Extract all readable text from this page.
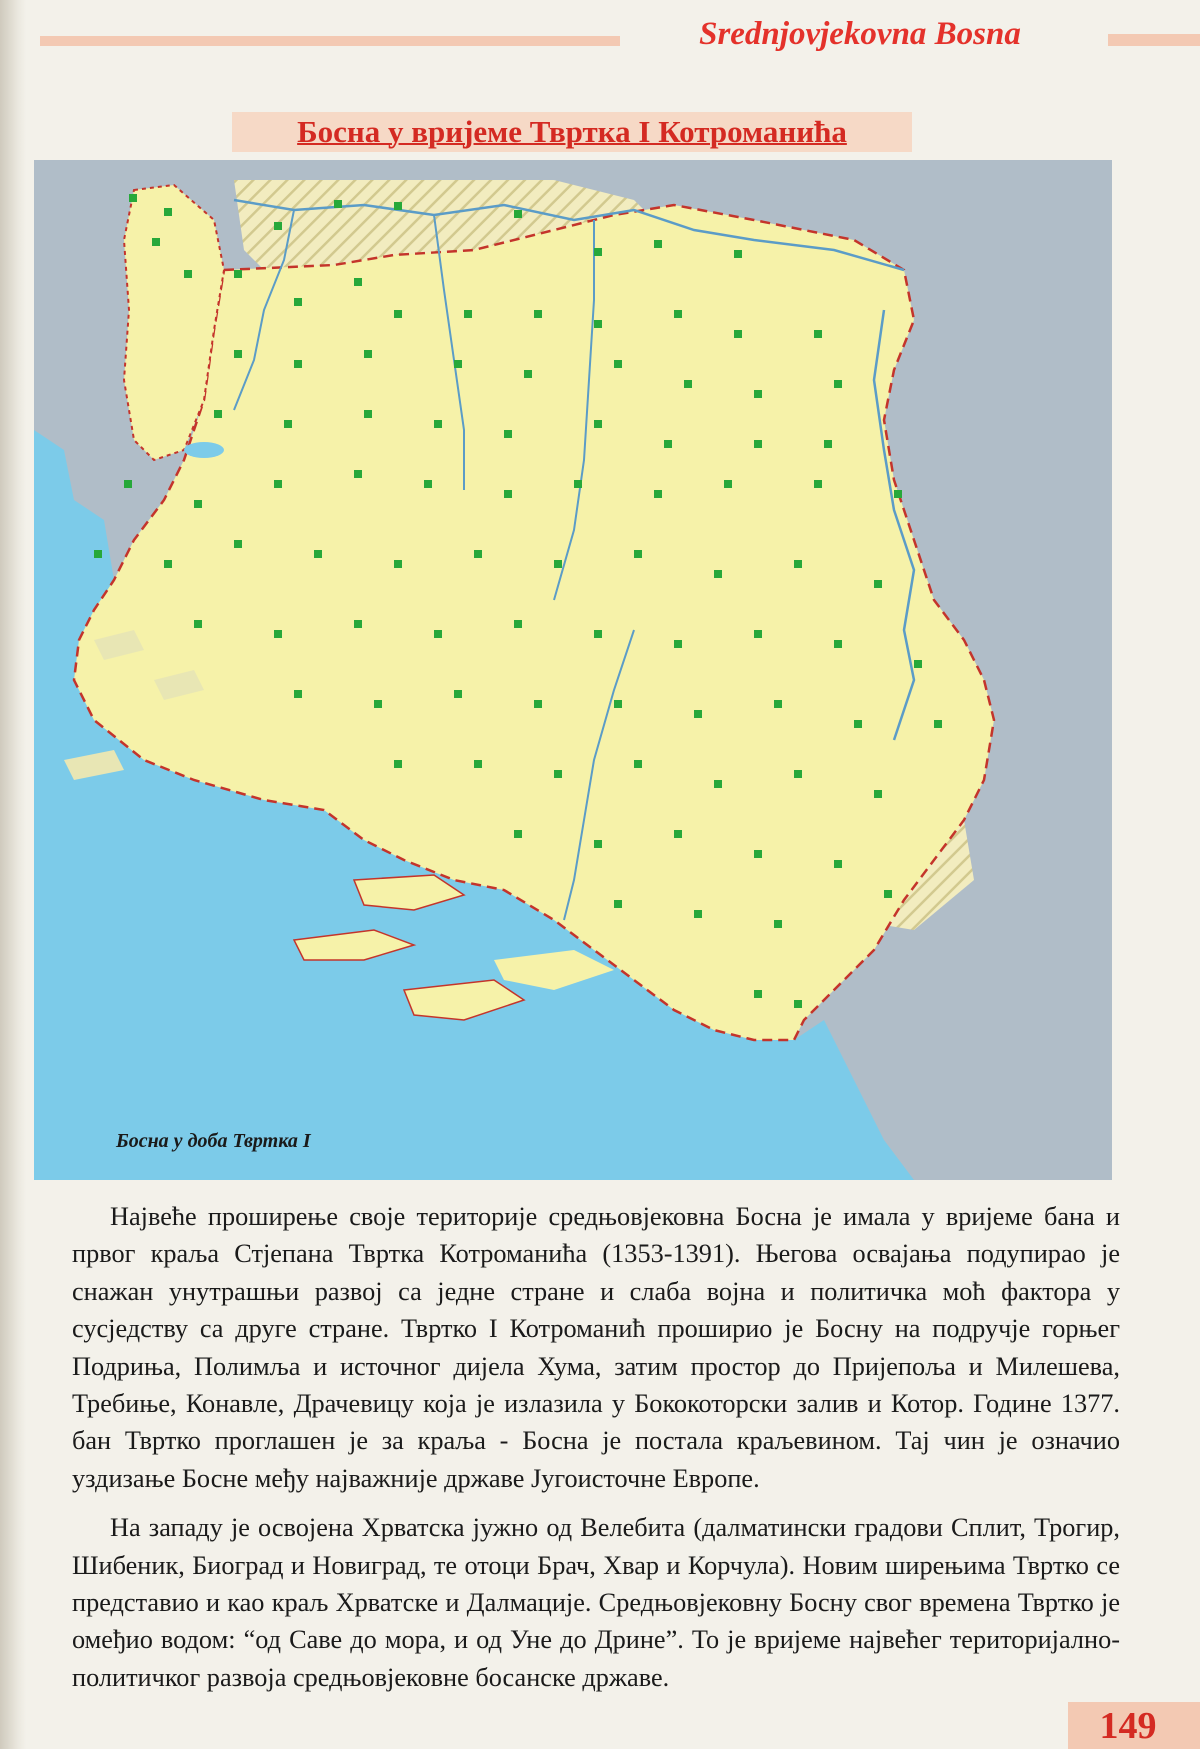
Srednjovjekovna Bosna
Босна у вријеме Твртка I Котроманића
Босна у доба Твртка I

Највеће проширење своје територије средњовјековна Босна је имала у вријеме бана и првог краља Стјепана Твртка Котроманића (1353-1391). Његова освајања подупирао је снажан унутрашњи развој са једне стране и слаба војна и политичка моћ фактора у сусједству са друге стране. Твртко I Котроманић проширио је Босну на подручје горњег Подриња, Полимља и источног дијела Хума, затим простор до Пријепоља и Милешева, Требиње, Конавле, Драчевицу која је излазила у Бококоторски залив и Котор. Године 1377. бан Твртко проглашен је за краља - Босна је постала краљевином. Тај чин је означио уздизање Босне међу најважније државе Југоисточне Европе.

На западу је освојена Хрватска јужно од Велебита (далматински градови Сплит, Трогир, Шибеник, Биоград и Новиград, те отоци Брач, Хвар и Корчула). Новим ширењима Твртко се представио и као краљ Хрватске и Далмације. Средњовјековну Босну свог времена Твртко је омеђио водом: “од Саве до мора, и од Уне до Дрине”. То је вријеме највећег територијално-политичког развоја средњовјековне босанске државе.

149
